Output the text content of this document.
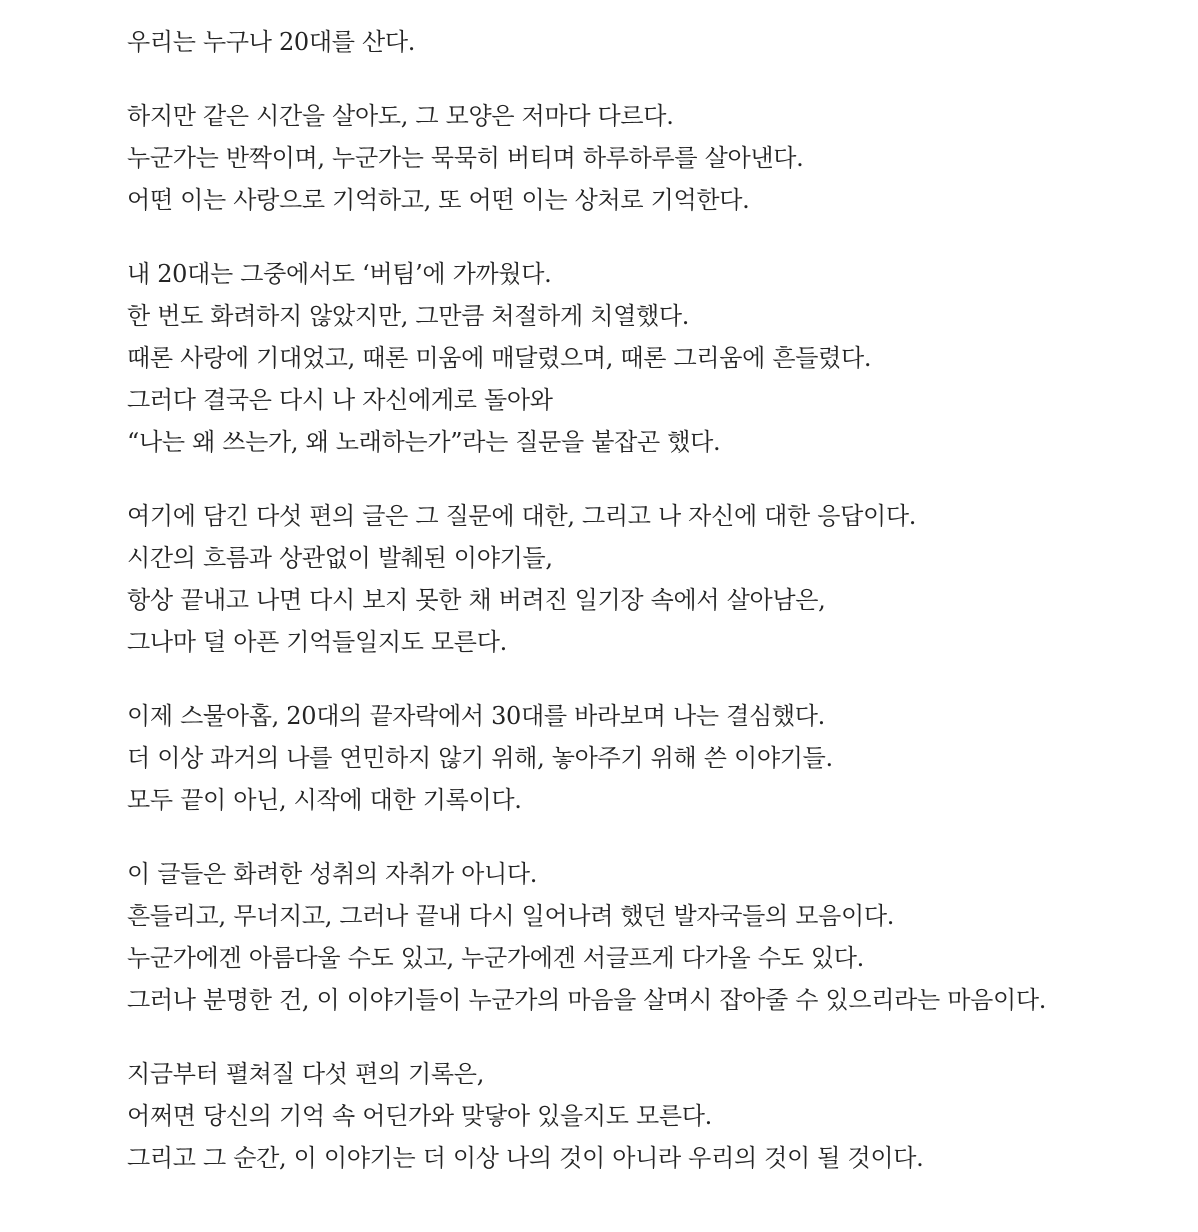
우리는 누구나 20대를 산다.
하지만 같은 시간을 살아도, 그 모양은 저마다 다르다.
누군가는 반짝이며, 누군가는 묵묵히 버티며 하루하루를 살아낸다.
어떤 이는 사랑으로 기억하고, 또 어떤 이는 상처로 기억한다.
내 20대는 그중에서도 ‘버팀’에 가까웠다.
한 번도 화려하지 않았지만, 그만큼 처절하게 치열했다.
때론 사랑에 기대었고, 때론 미움에 매달렸으며, 때론 그리움에 흔들렸다.
그러다 결국은 다시 나 자신에게로 돌아와
“나는 왜 쓰는가, 왜 노래하는가”라는 질문을 붙잡곤 했다.
여기에 담긴 다섯 편의 글은 그 질문에 대한, 그리고 나 자신에 대한 응답이다.
시간의 흐름과 상관없이 발췌된 이야기들,
항상 끝내고 나면 다시 보지 못한 채 버려진 일기장 속에서 살아남은,
그나마 덜 아픈 기억들일지도 모른다.
이제 스물아홉, 20대의 끝자락에서 30대를 바라보며 나는 결심했다.
더 이상 과거의 나를 연민하지 않기 위해, 놓아주기 위해 쓴 이야기들.
모두 끝이 아닌, 시작에 대한 기록이다.
이 글들은 화려한 성취의 자취가 아니다.
흔들리고, 무너지고, 그러나 끝내 다시 일어나려 했던 발자국들의 모음이다.
누군가에겐 아름다울 수도 있고, 누군가에겐 서글프게 다가올 수도 있다.
그러나 분명한 건, 이 이야기들이 누군가의 마음을 살며시 잡아줄 수 있으리라는 마음이다.
지금부터 펼쳐질 다섯 편의 기록은,
어쩌면 당신의 기억 속 어딘가와 맞닿아 있을지도 모른다.
그리고 그 순간, 이 이야기는 더 이상 나의 것이 아니라 우리의 것이 될 것이다.
